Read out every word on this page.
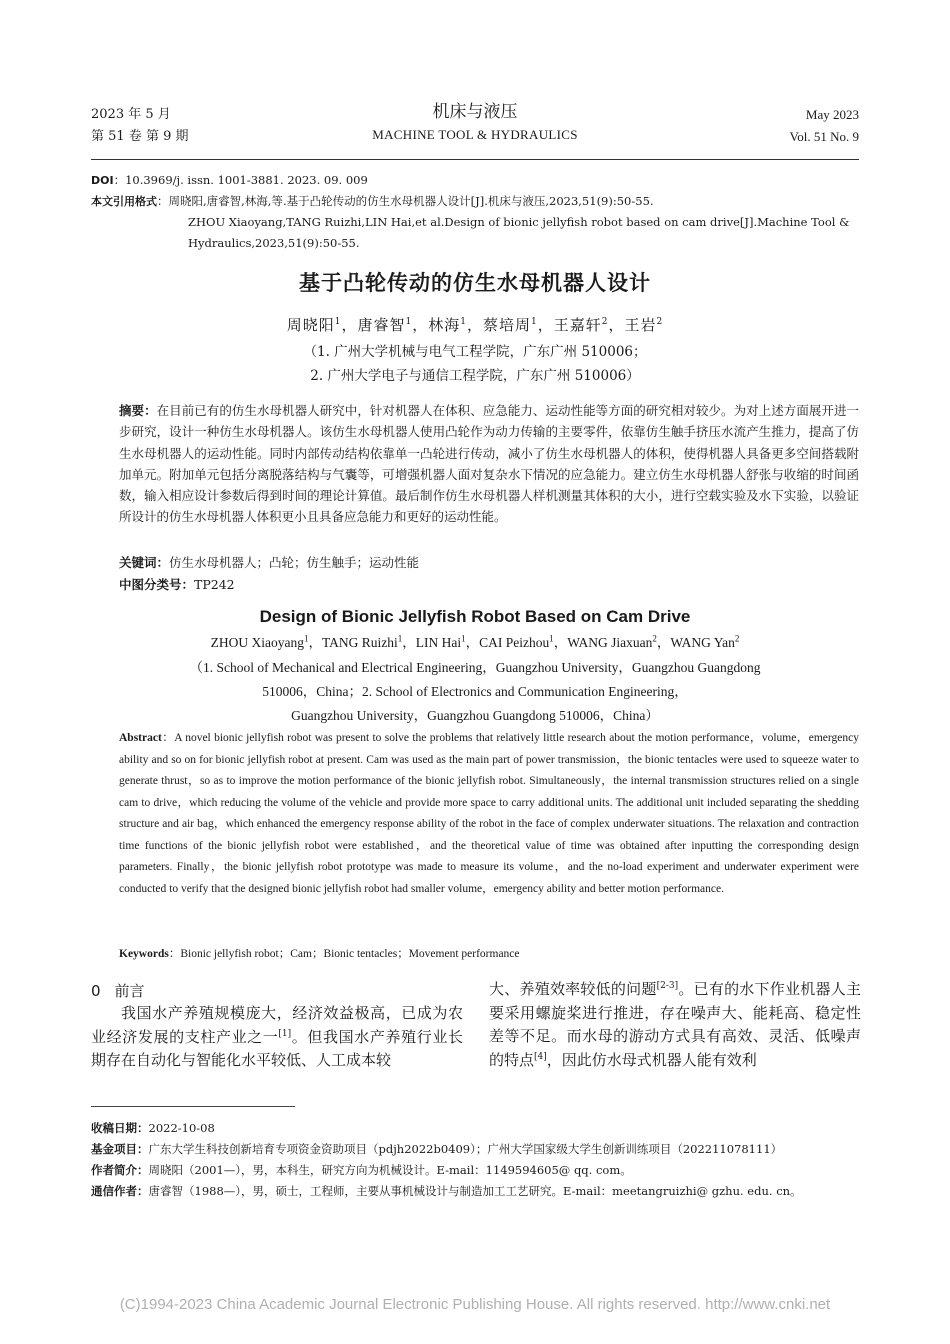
2023 年 5 月
第 51 卷 第 9 期
机床与液压
MACHINE TOOL & HYDRAULICS
May 2023
Vol. 51 No. 9
DOI：10.3969/j. issn. 1001-3881. 2023. 09. 009
本文引用格式：周晓阳,唐睿智,林海,等.基于凸轮传动的仿生水母机器人设计[J].机床与液压,2023,51(9):50-55.
ZHOU Xiaoyang,TANG Ruizhi,LIN Hai,et al.Design of bionic jellyfish robot based on cam drive[J].Machine Tool &
Hydraulics,2023,51(9):50-55.
基于凸轮传动的仿生水母机器人设计
周晓阳$^1$，唐睿智$^1$，林海$^1$，蔡培周$^1$，王嘉轩$^2$，王岩$^2$
（1. 广州大学机械与电气工程学院，广东广州 510006；
2. 广州大学电子与通信工程学院，广东广州 510006）
摘要：在目前已有的仿生水母机器人研究中，针对机器人在体积、应急能力、运动性能等方面的研究相对较少。为对上述方面展开进一步研究，设计一种仿生水母机器人。该仿生水母机器人使用凸轮作为动力传输的主要零件，依靠仿生触手挤压水流产生推力，提高了仿生水母机器人的运动性能。同时内部传动结构依靠单一凸轮进行传动，减小了仿生水母机器人的体积，使得机器人具备更多空间搭载附加单元。附加单元包括分离脱落结构与气囊等，可增强机器人面对复杂水下情况的应急能力。建立仿生水母机器人舒张与收缩的时间函数，输入相应设计参数后得到时间的理论计算值。最后制作仿生水母机器人样机测量其体积的大小，进行空载实验及水下实验，以验证所设计的仿生水母机器人体积更小且具备应急能力和更好的运动性能。
关键词：仿生水母机器人；凸轮；仿生触手；运动性能
中图分类号：TP242
Design of Bionic Jellyfish Robot Based on Cam Drive
ZHOU Xiaoyang$^1$，TANG Ruizhi$^1$，LIN Hai$^1$，CAI Peizhou$^1$，WANG Jiaxuan$^2$，WANG Yan$^2$
（1. School of Mechanical and Electrical Engineering，Guangzhou University，Guangzhou Guangdong
510006，China；2. School of Electronics and Communication Engineering，
Guangzhou University，Guangzhou Guangdong 510006，China）
Abstract：A novel bionic jellyfish robot was present to solve the problems that relatively little research about the motion performance，volume，emergency ability and so on for bionic jellyfish robot at present. Cam was used as the main part of power transmission，the bionic tentacles were used to squeeze water to generate thrust，so as to improve the motion performance of the bionic jellyfish robot. Simultaneously，the internal transmission structures relied on a single cam to drive，which reducing the volume of the vehicle and provide more space to carry additional units. The additional unit included separating the shedding structure and air bag，which enhanced the emergency response ability of the robot in the face of complex underwater situations. The relaxation and contraction time functions of the bionic jellyfish robot were established，and the theoretical value of time was obtained after inputting the corresponding design parameters. Finally，the bionic jellyfish robot prototype was made to measure its volume，and the no-load experiment and underwater experiment were conducted to verify that the designed bionic jellyfish robot had smaller volume，emergency ability and better motion performance.
Keywords：Bionic jellyfish robot；Cam；Bionic tentacles；Movement performance
0 前言

我国水产养殖规模庞大，经济效益极高，已成为农业经济发展的支柱产业之一[1]。但我国水产养殖行业长期存在自动化与智能化水平较低、人工成本较

大、养殖效率较低的问题[2-3]。已有的水下作业机器人主要采用螺旋桨进行推进，存在噪声大、能耗高、稳定性差等不足。而水母的游动方式具有高效、灵活、低噪声的特点[4]，因此仿水母式机器人能有效利

收稿日期： 2022-10-08
基金项目： 广东大学生科技创新培育专项资金资助项目（pdjh2022b0409）；广州大学国家级大学生创新训练项目（202211078111）
作者简介： 周晓阳（2001—），男，本科生，研究方向为机械设计。E-mail：1149594605@ qq. com。
通信作者： 唐睿智（1988—），男，硕士，工程师，主要从事机械设计与制造加工工艺研究。E-mail：meetangruizhi@ gzhu. edu. cn。
(C)1994-2023 China Academic Journal Electronic Publishing House. All rights reserved. http://www.cnki.net
